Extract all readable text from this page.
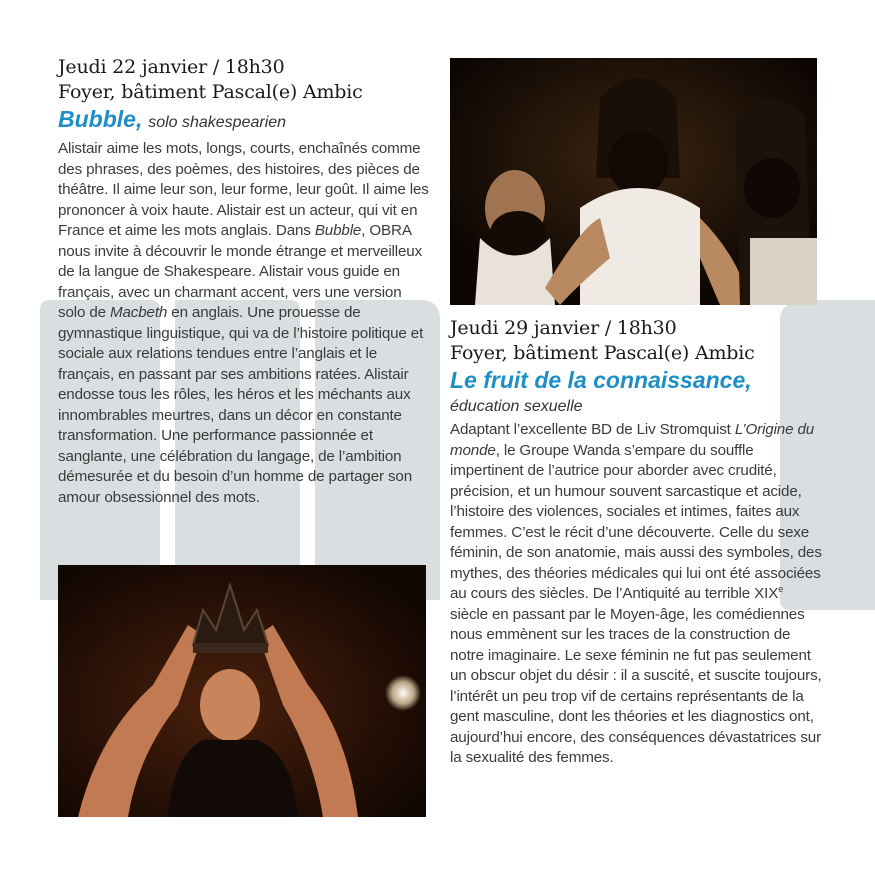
Jeudi 22 janvier / 18h30
Foyer, bâtiment Pascal(e) Ambic
Bubble, solo shakespearien
Alistair aime les mots, longs, courts, enchaînés comme des phrases, des poèmes, des histoires, des pièces de théâtre. Il aime leur son, leur forme, leur goût. Il aime les prononcer à voix haute. Alistair est un acteur, qui vit en France et aime les mots anglais. Dans Bubble, OBRA nous invite à découvrir le monde étrange et merveilleux de la langue de Shakespeare. Alistair vous guide en français, avec un charmant accent, vers une version solo de Macbeth en anglais. Une prouesse de gymnastique linguistique, qui va de l’histoire politique et sociale aux relations tendues entre l’anglais et le français, en passant par ses ambitions ratées. Alistair endosse tous les rôles, les héros et les méchants aux innombrables meurtres, dans un décor en constante transformation. Une performance passionnée et sanglante, une célébration du langage, de l’ambition démesurée et du besoin d’un homme de partager son amour obsessionnel des mots.
Jeudi 29 janvier / 18h30
Foyer, bâtiment Pascal(e) Ambic
Le fruit de la connaissance,
éducation sexuelle
Adaptant l’excellente BD de Liv Stromquist L’Origine du monde, le Groupe Wanda s’empare du souffle impertinent de l’autrice pour aborder avec crudité, précision, et un humour souvent sarcastique et acide, l’histoire des violences, sociales et intimes, faites aux femmes. C’est le récit d’une découverte. Celle du sexe féminin, de son anatomie, mais aussi des symboles, des mythes, des théories médicales qui lui ont été associées au cours des siècles. De l’Antiquité au terrible XIXe siècle en passant par le Moyen-âge, les comédiennes nous emmènent sur les traces de la construction de notre imaginaire. Le sexe féminin ne fut pas seulement un obscur objet du désir : il a suscité, et suscite toujours, l’intérêt un peu trop vif de certains représentants de la gent masculine, dont les théories et les diagnostics ont, aujourd’hui encore, des conséquences dévastatrices sur la sexualité des femmes.
